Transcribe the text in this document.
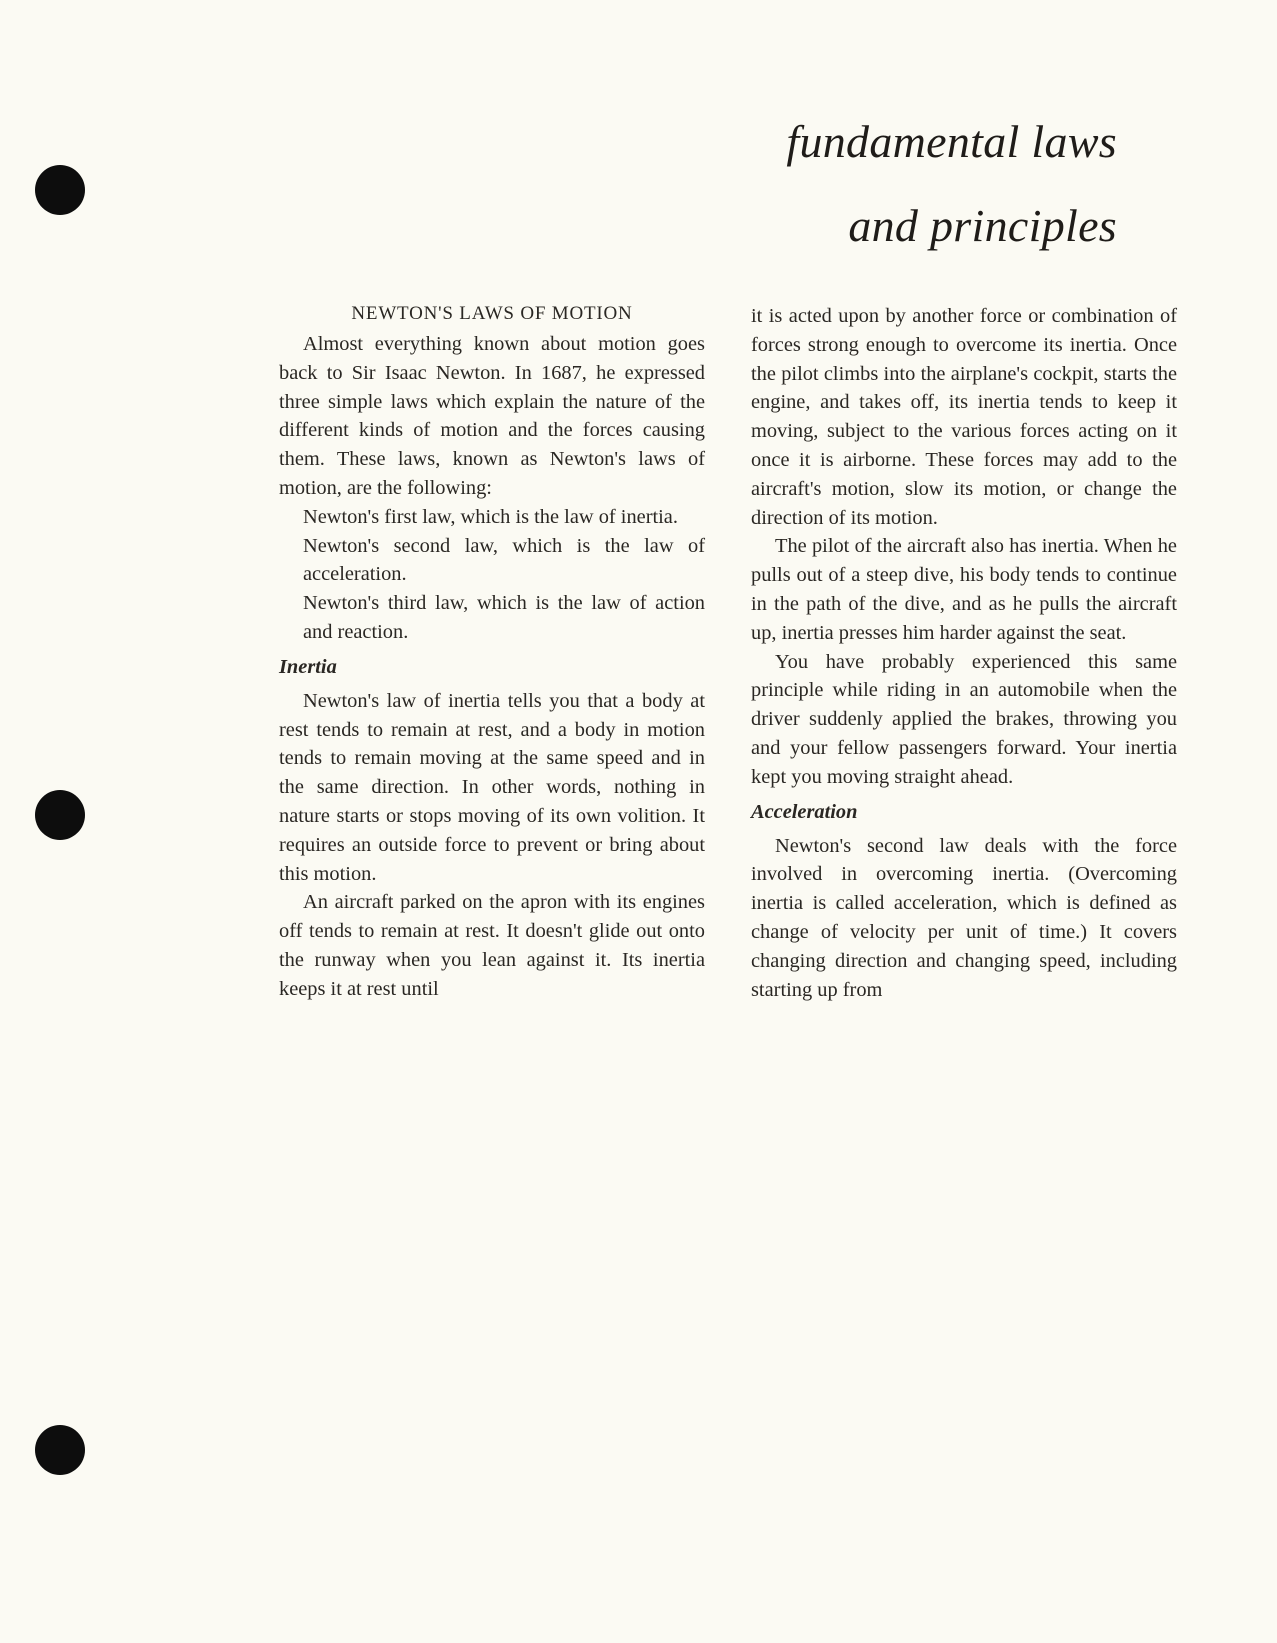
fundamental laws
and principles
NEWTON'S LAWS OF MOTION

Almost everything known about motion goes back to Sir Isaac Newton. In 1687, he expressed three simple laws which explain the nature of the different kinds of motion and the forces causing them. These laws, known as Newton's laws of motion, are the following:

Newton's first law, which is the law of inertia.

Newton's second law, which is the law of acceleration.

Newton's third law, which is the law of action and reaction.

Inertia

Newton's law of inertia tells you that a body at rest tends to remain at rest, and a body in motion tends to remain moving at the same speed and in the same direction. In other words, nothing in nature starts or stops moving of its own volition. It requires an outside force to prevent or bring about this motion.

An aircraft parked on the apron with its engines off tends to remain at rest. It doesn't glide out onto the runway when you lean against it. Its inertia keeps it at rest until

it is acted upon by another force or combination of forces strong enough to overcome its inertia. Once the pilot climbs into the airplane's cockpit, starts the engine, and takes off, its inertia tends to keep it moving, subject to the various forces acting on it once it is airborne. These forces may add to the aircraft's motion, slow its motion, or change the direction of its motion.

The pilot of the aircraft also has inertia. When he pulls out of a steep dive, his body tends to continue in the path of the dive, and as he pulls the aircraft up, inertia presses him harder against the seat.

You have probably experienced this same principle while riding in an automobile when the driver suddenly applied the brakes, throwing you and your fellow passengers forward. Your inertia kept you moving straight ahead.

Acceleration

Newton's second law deals with the force involved in overcoming inertia. (Overcoming inertia is called acceleration, which is defined as change of velocity per unit of time.) It covers changing direction and changing speed, including starting up from
